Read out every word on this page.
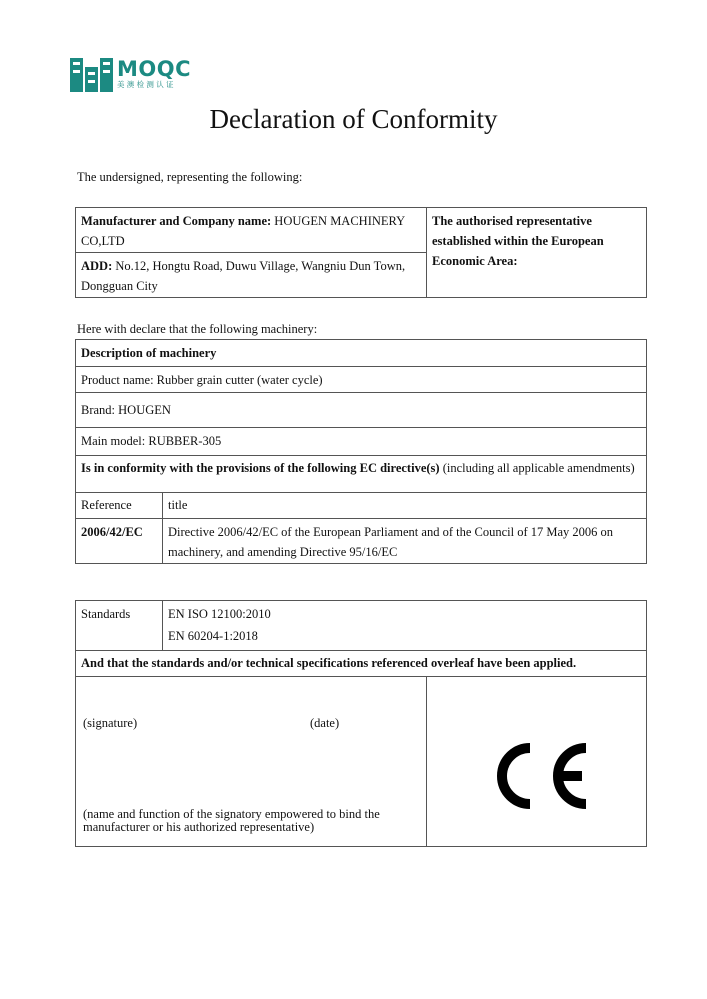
MOQC
美澳检测认证
Declaration of Conformity
The undersigned, representing the following:
Manufacturer and Company name: HOUGEN MACHINERY CO,LTD
ADD: No.12, Hongtu Road, Duwu Village, Wangniu Dun Town, Dongguan City
The authorised representative established within the European Economic Area:
Here with declare that the following machinery:
Description of machinery
Product name: Rubber grain cutter (water cycle)
Brand: HOUGEN
Main model: RUBBER-305
Is in conformity with the provisions of the following EC directive(s) (including all applicable amendments)
Reference	title
2006/42/EC Directive 2006/42/EC of the European Parliament and of the Council of 17 May 2006 on machinery, and amending Directive 95/16/EC
Standards	EN ISO 12100:2010
EN 60204-1:2018
And that the standards and/or technical specifications referenced overleaf have been applied.
(signature)	(date)
(name and function of the signatory empowered to bind the manufacturer or his authorized representative)
